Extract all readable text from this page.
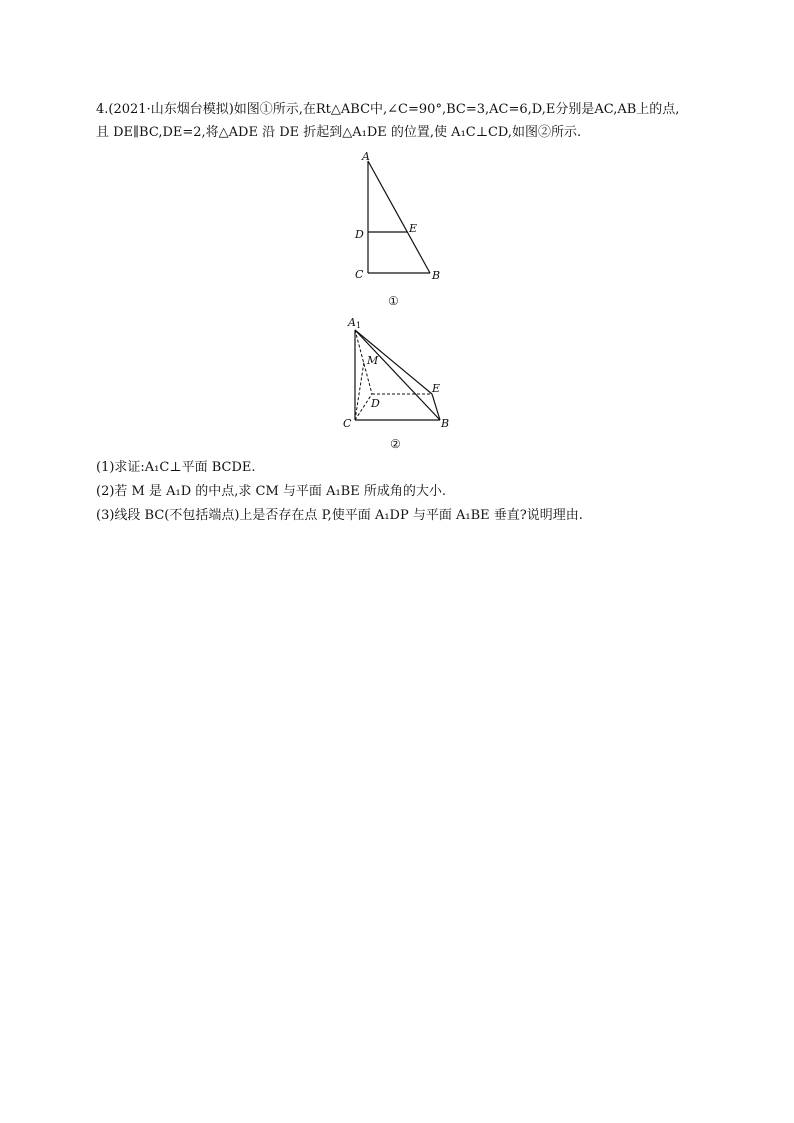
4.(2021·山东烟台模拟)如图①所示,在Rt△ABC中,∠C=90°,BC=3,AC=6,D,E分别是AC,AB上的点,
且 DE∥BC,DE=2,将△ADE 沿 DE 折起到△A₁DE 的位置,使 A₁C⊥CD,如图②所示.
A
D	E
C	B
①
A 1
M
D
E
C	B
②
(1)求证:A₁C⊥平面 BCDE.
(2)若 M 是 A₁D 的中点,求 CM 与平面 A₁BE 所成角的大小.
(3)线段 BC(不包括端点)上是否存在点 P,使平面 A₁DP 与平面 A₁BE 垂直?说明理由.
